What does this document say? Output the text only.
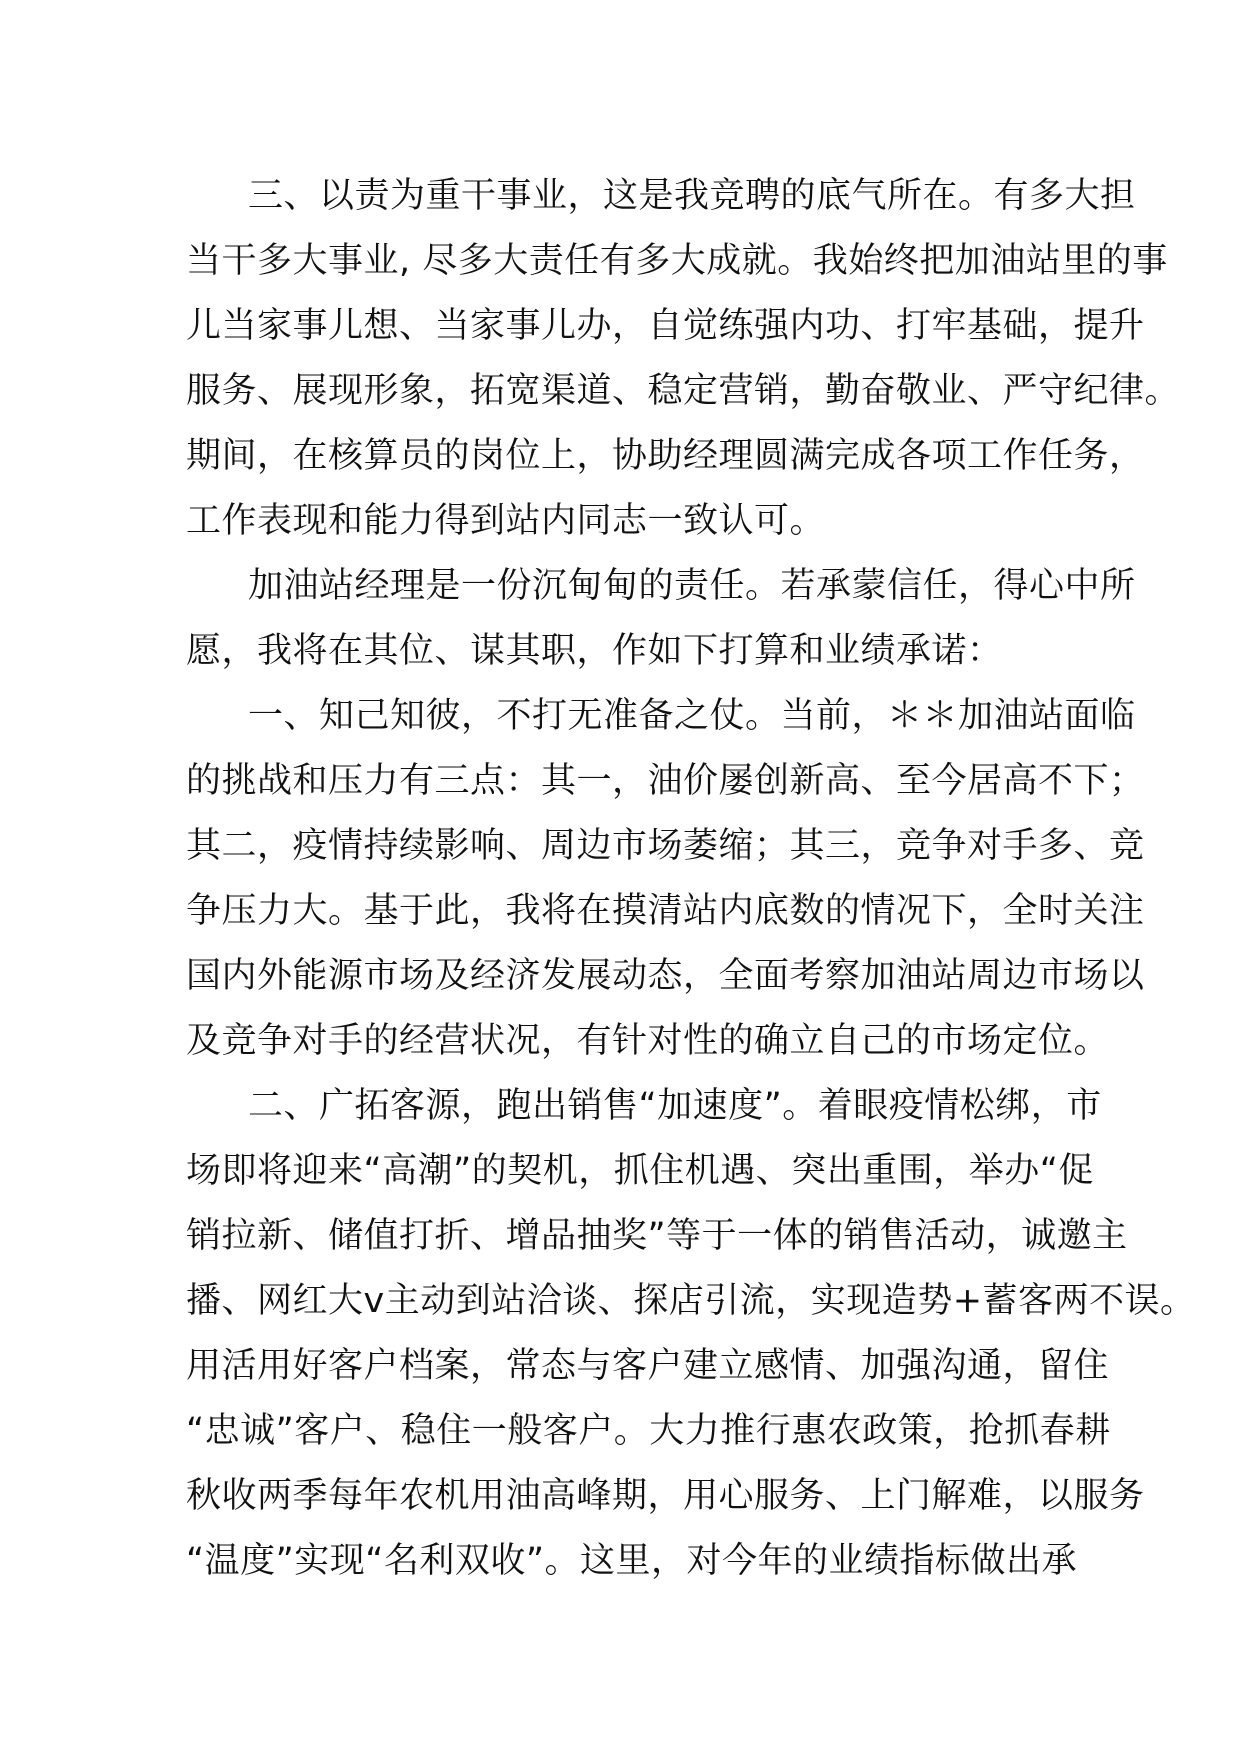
三、以责为重干事业，这是我竞聘的底气所在。有多大担
当干多大事业, 尽多大责任有多大成就。我始终把加油站里的事
儿当家事儿想、当家事儿办，自觉练强内功、打牢基础，提升
服务、展现形象，拓宽渠道、稳定营销，勤奋敬业、严守纪律。
期间，在核算员的岗位上，协助经理圆满完成各项工作任务，
工作表现和能力得到站内同志一致认可。
加油站经理是一份沉甸甸的责任。若承蒙信任，得心中所
愿，我将在其位、谋其职，作如下打算和业绩承诺：
一、知己知彼，不打无准备之仗。当前，＊＊加油站面临
的挑战和压力有三点：其一，油价屡创新高、至今居高不下；
其二，疫情持续影响、周边市场萎缩；其三，竞争对手多、竞
争压力大。基于此，我将在摸清站内底数的情况下，全时关注
国内外能源市场及经济发展动态，全面考察加油站周边市场以
及竞争对手的经营状况，有针对性的确立自己的市场定位。
二、广拓客源，跑出销售“加速度”。着眼疫情松绑，市
场即将迎来“高潮”的契机，抓住机遇、突出重围，举办“促
销拉新、储值打折、增品抽奖”等于一体的销售活动，诚邀主
播、网红大v主动到站洽谈、探店引流，实现造势+蓄客两不误。
用活用好客户档案，常态与客户建立感情、加强沟通，留住
“忠诚”客户、稳住一般客户。大力推行惠农政策，抢抓春耕
秋收两季每年农机用油高峰期，用心服务、上门解难，以服务
“温度”实现“名利双收”。这里，对今年的业绩指标做出承
